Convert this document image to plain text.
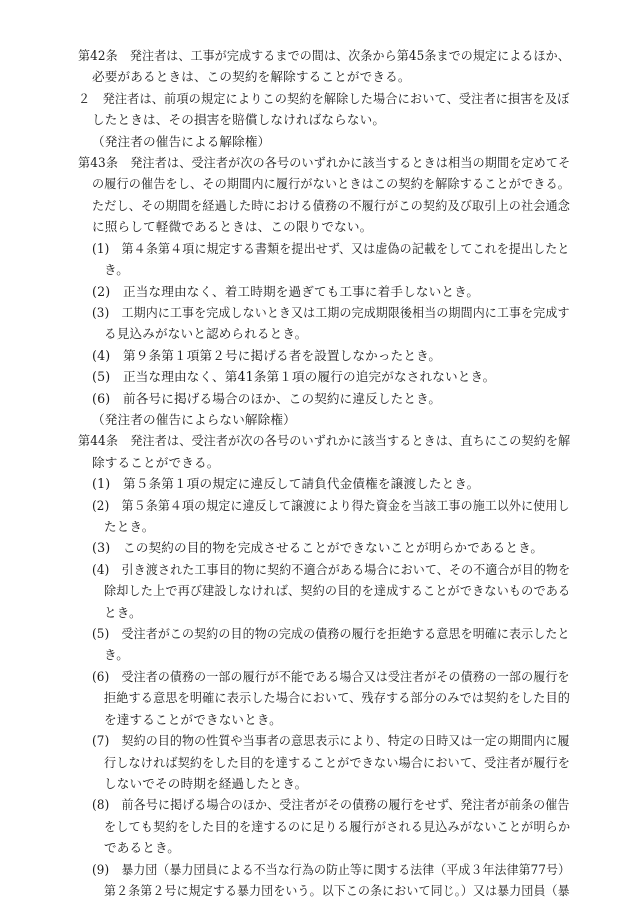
第42条　発注者は、工事が完成するまでの間は、次条から第45条までの規定によるほか、
必要があるときは、この契約を解除することができる。
２　発注者は、前項の規定によりこの契約を解除した場合において、受注者に損害を及ぼ
したときは、その損害を賠償しなければならない。
（発注者の催告による解除権）
第43条　発注者は、受注者が次の各号のいずれかに該当するときは相当の期間を定めてそ
の履行の催告をし、その期間内に履行がないときはこの契約を解除することができる。
ただし、その期間を経過した時における債務の不履行がこの契約及び取引上の社会通念
に照らして軽微であるときは、この限りでない。
(1)　第４条第４項に規定する書類を提出せず、又は虚偽の記載をしてこれを提出したと
き。
(2)　正当な理由なく、着工時期を過ぎても工事に着手しないとき。
(3)　工期内に工事を完成しないとき又は工期の完成期限後相当の期間内に工事を完成す
る見込みがないと認められるとき。
(4)　第９条第１項第２号に掲げる者を設置しなかったとき。
(5)　正当な理由なく、第41条第１項の履行の追完がなされないとき。
(6)　前各号に掲げる場合のほか、この契約に違反したとき。
（発注者の催告によらない解除権）
第44条　発注者は、受注者が次の各号のいずれかに該当するときは、直ちにこの契約を解
除することができる。
(1)　第５条第１項の規定に違反して請負代金債権を譲渡したとき。
(2)　第５条第４項の規定に違反して譲渡により得た資金を当該工事の施工以外に使用し
たとき。
(3)　この契約の目的物を完成させることができないことが明らかであるとき。
(4)　引き渡された工事目的物に契約不適合がある場合において、その不適合が目的物を
除却した上で再び建設しなければ、契約の目的を達成することができないものである
とき。
(5)　受注者がこの契約の目的物の完成の債務の履行を拒絶する意思を明確に表示したと
き。
(6)　受注者の債務の一部の履行が不能である場合又は受注者がその債務の一部の履行を
拒絶する意思を明確に表示した場合において、残存する部分のみでは契約をした目的
を達することができないとき。
(7)　契約の目的物の性質や当事者の意思表示により、特定の日時又は一定の期間内に履
行しなければ契約をした目的を達することができない場合において、受注者が履行を
しないでその時期を経過したとき。
(8)　前各号に掲げる場合のほか、受注者がその債務の履行をせず、発注者が前条の催告
をしても契約をした目的を達するのに足りる履行がされる見込みがないことが明らか
であるとき。
(9)　暴力団（暴力団員による不当な行為の防止等に関する法律（平成３年法律第77号）
第２条第２号に規定する暴力団をいう。以下この条において同じ。）又は暴力団員（暴
